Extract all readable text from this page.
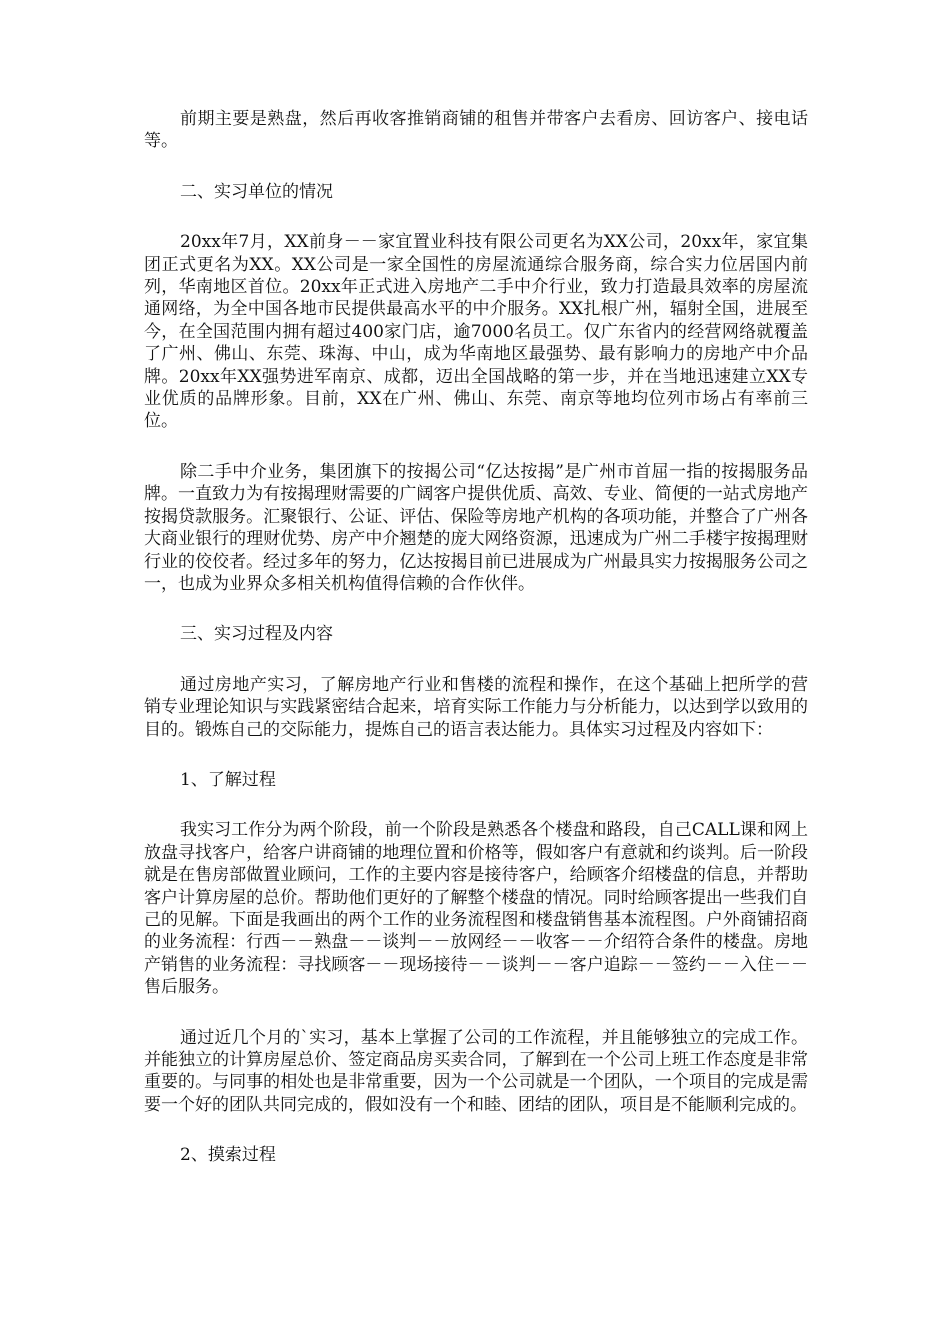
前期主要是熟盘，然后再收客推销商铺的租售并带客户去看房、回访客户、接电话等。

二、实习单位的情况

20xx年7月，XX前身－－家宜置业科技有限公司更名为XX公司，20xx年，家宜集团正式更名为XX。XX公司是一家全国性的房屋流通综合服务商，综合实力位居国内前列，华南地区首位。20xx年正式进入房地产二手中介行业，致力打造最具效率的房屋流通网络，为全中国各地市民提供最高水平的中介服务。XX扎根广州，辐射全国，进展至今，在全国范围内拥有超过400家门店，逾7000名员工。仅广东省内的经营网络就覆盖了广州、佛山、东莞、珠海、中山，成为华南地区最强势、最有影响力的房地产中介品牌。20xx年XX强势进军南京、成都，迈出全国战略的第一步，并在当地迅速建立XX专业优质的品牌形象。目前，XX在广州、佛山、东莞、南京等地均位列市场占有率前三位。

除二手中介业务，集团旗下的按揭公司“亿达按揭”是广州市首屈一指的按揭服务品牌。一直致力为有按揭理财需要的广阔客户提供优质、高效、专业、简便的一站式房地产按揭贷款服务。汇聚银行、公证、评估、保险等房地产机构的各项功能，并整合了广州各大商业银行的理财优势、房产中介翘楚的庞大网络资源，迅速成为广州二手楼宇按揭理财行业的佼佼者。经过多年的努力，亿达按揭目前已进展成为广州最具实力按揭服务公司之一，也成为业界众多相关机构值得信赖的合作伙伴。

三、实习过程及内容

通过房地产实习，了解房地产行业和售楼的流程和操作，在这个基础上把所学的营销专业理论知识与实践紧密结合起来，培育实际工作能力与分析能力，以达到学以致用的目的。锻炼自己的交际能力，提炼自己的语言表达能力。具体实习过程及内容如下：

1、了解过程

我实习工作分为两个阶段，前一个阶段是熟悉各个楼盘和路段，自己CALL课和网上放盘寻找客户，给客户讲商铺的地理位置和价格等，假如客户有意就和约谈判。后一阶段就是在售房部做置业顾问，工作的主要内容是接待客户，给顾客介绍楼盘的信息，并帮助客户计算房屋的总价。帮助他们更好的了解整个楼盘的情况。同时给顾客提出一些我们自己的见解。下面是我画出的两个工作的业务流程图和楼盘销售基本流程图。户外商铺招商的业务流程：行西－－熟盘－－谈判－－放网经－－收客－－介绍符合条件的楼盘。房地产销售的业务流程：寻找顾客－－现场接待－－谈判－－客户追踪－－签约－－入住－－售后服务。

通过近几个月的`实习，基本上掌握了公司的工作流程，并且能够独立的完成工作。并能独立的计算房屋总价、签定商品房买卖合同，了解到在一个公司上班工作态度是非常重要的。与同事的相处也是非常重要，因为一个公司就是一个团队，一个项目的完成是需要一个好的团队共同完成的，假如没有一个和睦、团结的团队，项目是不能顺利完成的。

2、摸索过程
